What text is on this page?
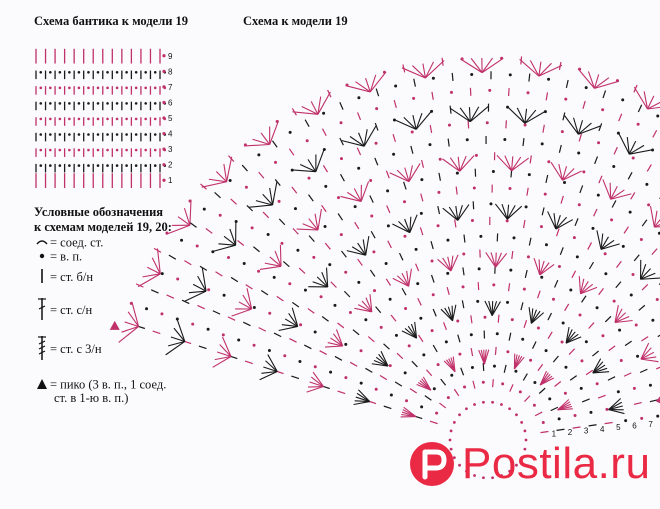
Схема бантика к модели 19	Схема к модели 19
1
2
3
4
5
6
7
8
9
1 2 3 4 5 6 7
Условные обозначения
к схемам моделей 19, 20:
= соед. ст.
= в. п.
= ст. б/н
= ст. с/н
= ст. с 3/н
= пико (3 в. п., 1 соед.
ст. в 1-ю в. п.)
Postila.ru
